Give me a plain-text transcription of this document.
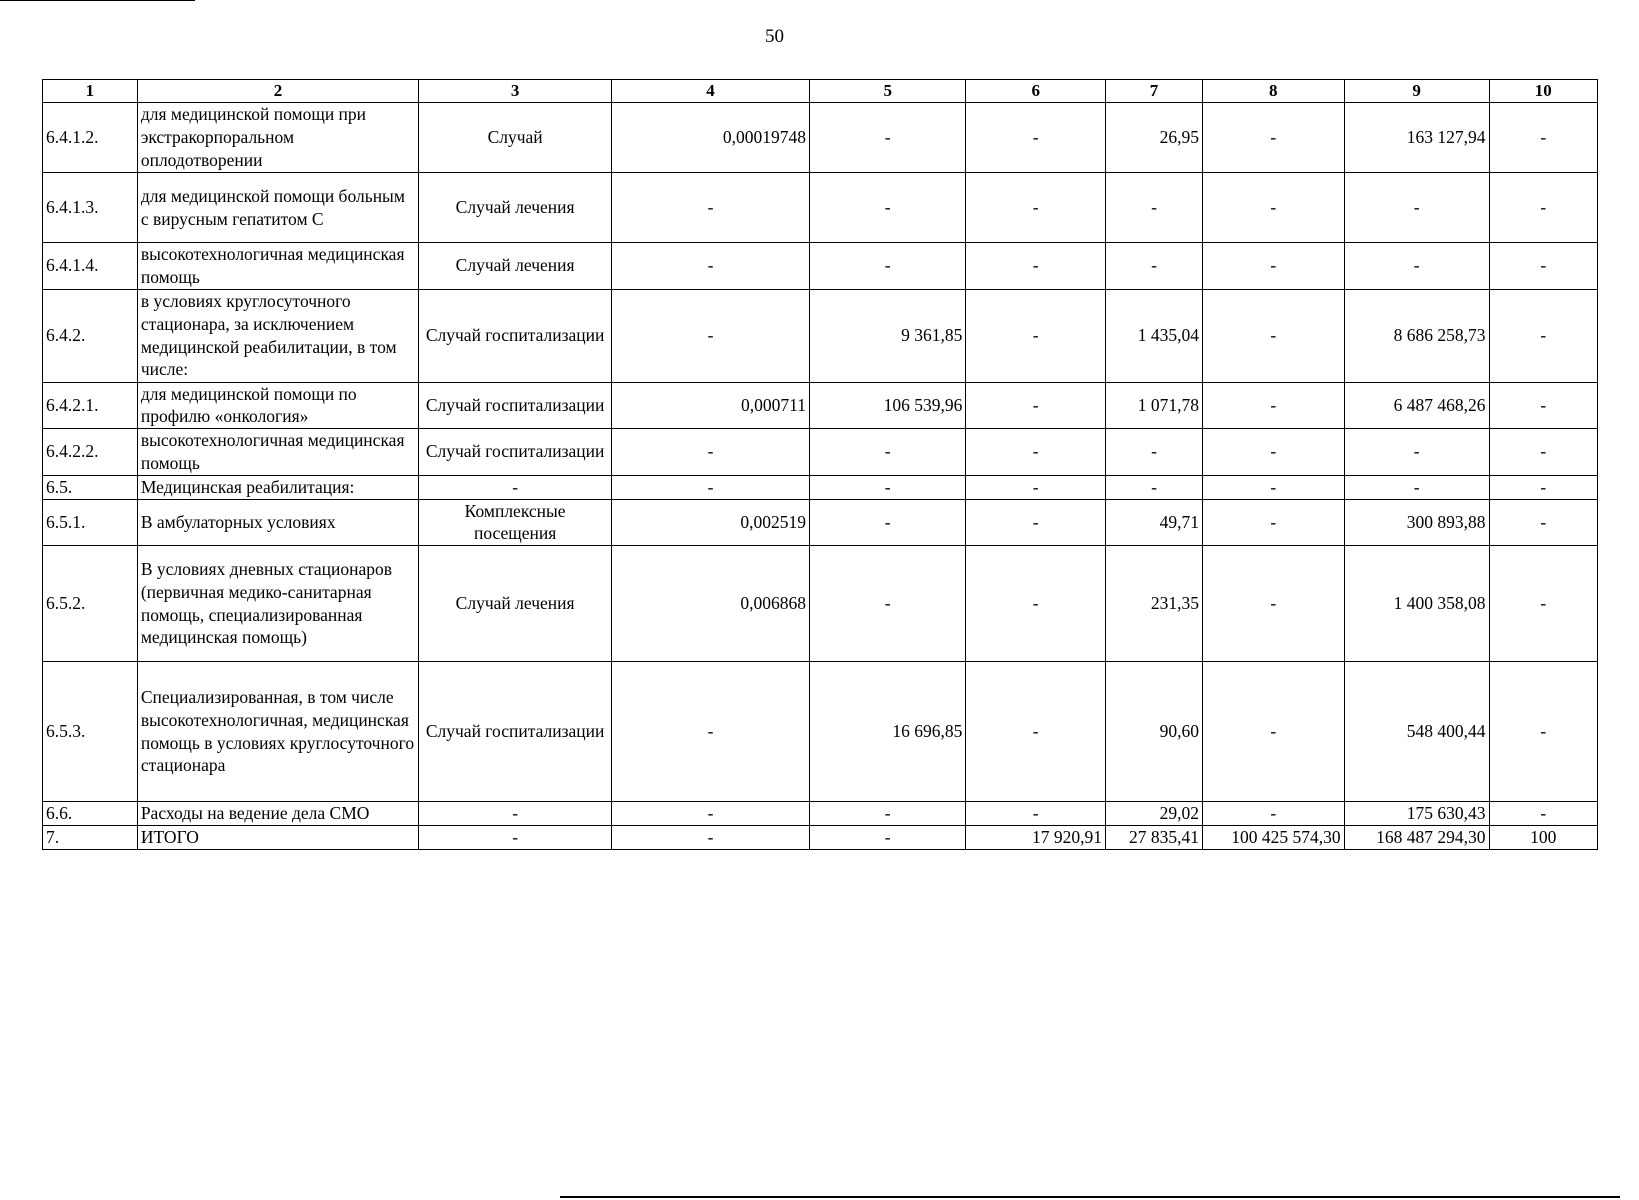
50
1	2	3	4	5	6	7	8	9	10
6.4.1.2.	для медицинской помощи при экстракорпоральном оплодотворении	Случай	0,00019748	-	-	26,95	-	163 127,94	-
6.4.1.3.	для медицинской помощи больным с вирусным гепатитом С	Случай лечения	-	-	-	-	-	-	-
6.4.1.4.	высокотехнологичная медицинская помощь	Случай лечения	-	-	-	-	-	-	-
6.4.2.	в условиях круглосуточного стационара, за исключением медицинской реабилитации, в том числе:	Случай госпитализации	-	9 361,85	-	1 435,04	-	8 686 258,73	-
6.4.2.1.	для медицинской помощи по профилю «онкология»	Случай госпитализации	0,000711	106 539,96	-	1 071,78	-	6 487 468,26	-
6.4.2.2.	высокотехнологичная медицинская помощь	Случай госпитализации	-	-	-	-	-	-	-
6.5.	Медицинская реабилитация:	-	-	-	-	-	-	-	-
6.5.1.	В амбулаторных условиях	Комплексные посещения	0,002519	-	-	49,71	-	300 893,88	-
6.5.2.	В условиях дневных стационаров (первичная медико-санитарная помощь, специализированная медицинская помощь)	Случай лечения	0,006868	-	-	231,35	-	1 400 358,08	-
6.5.3.	Специализированная, в том числе высокотехнологичная, медицинская помощь в условиях круглосуточного стационара	Случай госпитализации	-	16 696,85	-	90,60	-	548 400,44	-
6.6.	Расходы на ведение дела СМО	-	-	-	-	29,02	-	175 630,43	-
7.	ИТОГО	-	-	-	17 920,91	27 835,41	100 425 574,30	168 487 294,30	100
